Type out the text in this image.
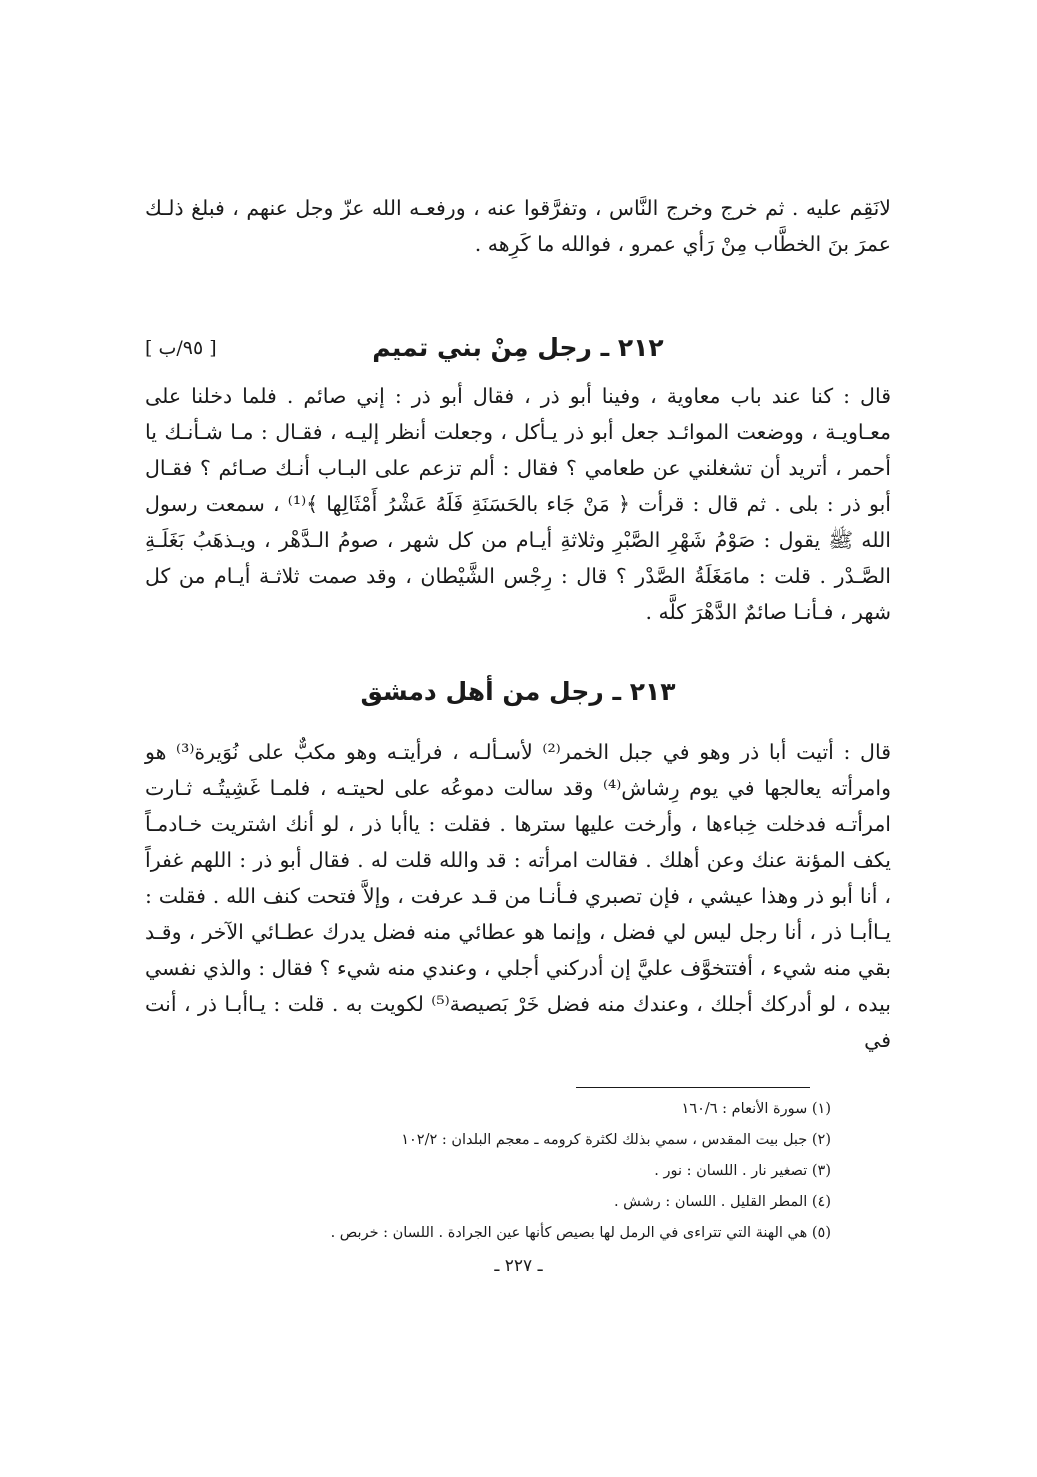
لانَقِم عليه . ثم خرج وخرج النَّاس ، وتفرَّقوا عنه ، ورفعـه الله عزّ وجل عنهم ، فبلغ ذلـك عمرَ بنَ الخطَّاب مِنْ رَأي عمرو ، فوالله ما كَرِهه .

٢١٢ ـ رجل مِنْ بني تميم
[ ٩٥/ب ]

قال : كنا عند باب معاوية ، وفينا أبو ذر ، فقال أبو ذر : إني صائم . فلما دخلنا على معـاويـة ، ووضعت الموائـد جعل أبو ذر يـأكل ، وجعلت أنظر إليـه ، فقـال : مـا شـأنـك يا أحمر ، أتريد أن تشغلني عن طعامي ؟ فقال : ألم تزعم على البـاب أنـك صـائم ؟ فقـال أبو ذر : بلى . ثم قال : قرأت ﴿ مَنْ جَاء بالحَسَنَةِ فَلَهُ عَشْرُ أَمْثَالِها ﴾⁽¹⁾ ، سمعت رسول الله ﷺ يقول : صَوْمُ شَهْرِ الصَّبْرِ وثلاثةِ أيـام من كل شهر ، صومُ الـدَّهْر ، ويـذهَبُ بَغَلَـةِ الصَّـدْر . قلت : مامَغَلَةُ الصَّدْر ؟ قال : رِجْس الشَّيْطان ، وقد صمت ثلاثـة أيـام من كل شهر ، فـأنـا صائمٌ الدَّهْرَ كلَّه .

٢١٣ ـ رجل من أهل دمشق

قال : أتيت أبا ذر وهو في جبل الخمر⁽²⁾ لأسـألـه ، فرأيتـه وهو مكبٌّ على نُوَيرة⁽³⁾ هو وامرأته يعالجها في يوم رِشاش⁽⁴⁾ وقد سالت دموعُه على لحيتـه ، فلمـا غَشِيتُـه ثـارت امرأتـه فدخلت خِباءها ، وأرخت عليها سترها . فقلت : ياأبا ذر ، لو أنك اشتريت خـادمـاً يكف المؤنة عنك وعن أهلك . فقالت امرأته : قد والله قلت له . فقال أبو ذر : اللهم غفراً ، أنا أبو ذر وهذا عيشي ، فإن تصبري فـأنـا من قـد عرفت ، وإلاَّ فتحت كنف الله . فقلت : يـاأبـا ذر ، أنا رجل ليس لي فضل ، وإنما هو عطائي منه فضل يدرك عطـائي الآخر ، وقـد بقي منه شيء ، أفتتخوَّف عليَّ إن أدركني أجلي ، وعندي منه شيء ؟ فقال : والذي نفسي بيده ، لو أدركك أجلك ، وعندك منه فضل خَرْ بَصيصة⁽⁵⁾ لكويت به . قلت : يـاأبـا ذر ، أنت في

(١) سورة الأنعام : ١٦٠/٦
(٢) جبل بيت المقدس ، سمي بذلك لكثرة كرومه ـ معجم البلدان : ١٠٢/٢
(٣) تصغير نار . اللسان : نور .
(٤) المطر القليل . اللسان : رشش .
(٥) هي الهنة التي تتراءى في الرمل لها بصيص كأنها عين الجرادة . اللسان : خربص .
ـ ٢٢٧ ـ
